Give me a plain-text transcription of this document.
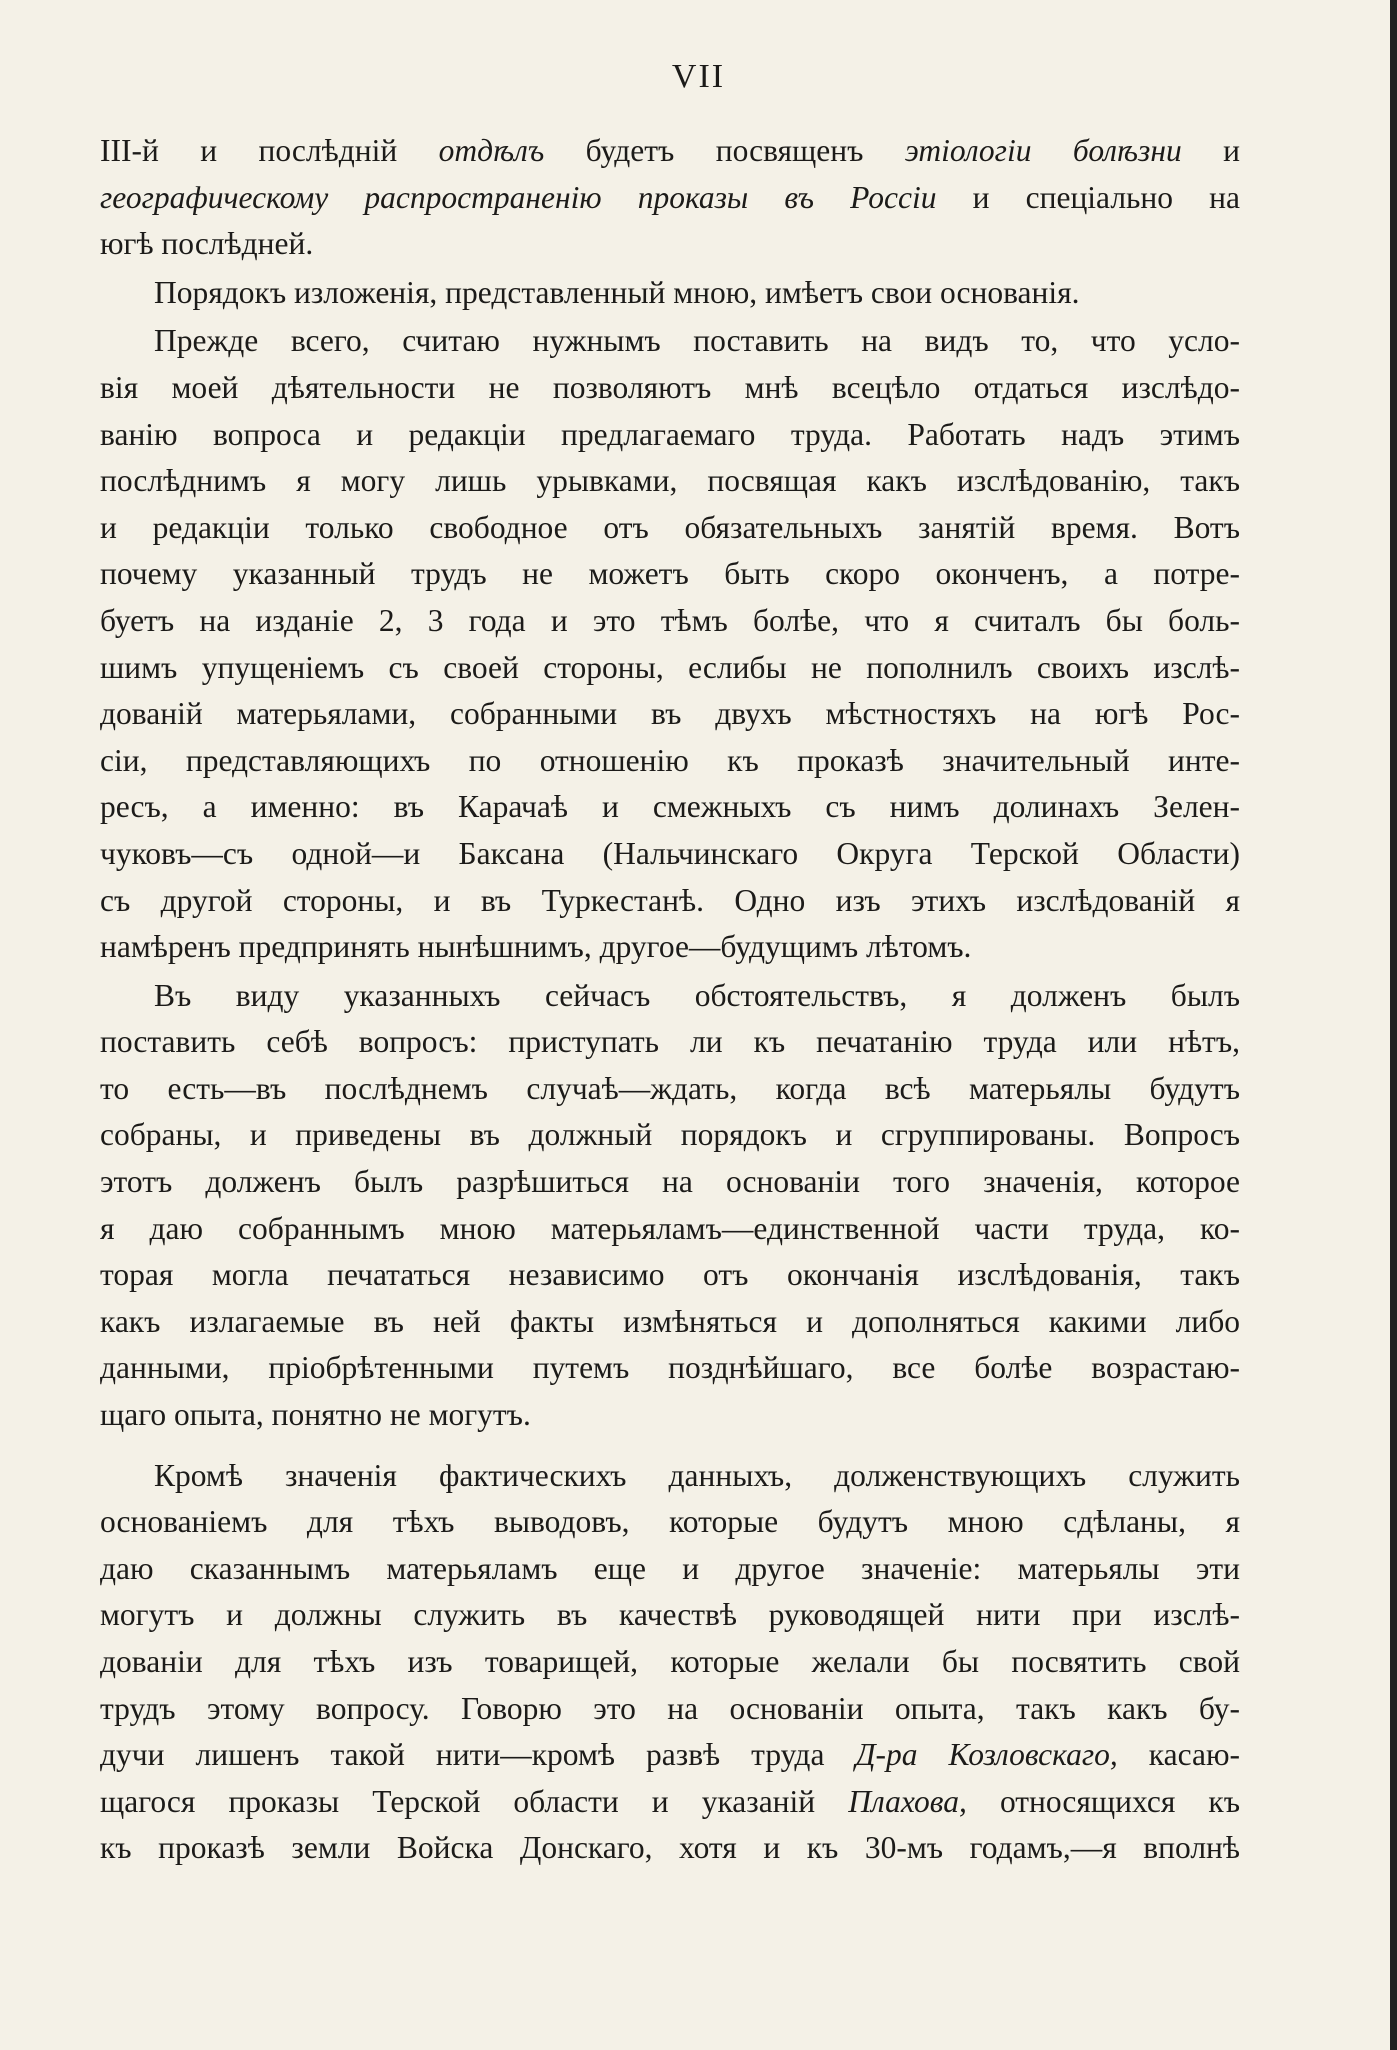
VII
III-й и послѣдній отдѣлъ будетъ посвященъ этіологіи болѣзни и
географическому распространенію проказы въ Россіи и спеціально на
югѣ послѣдней.
Порядокъ изложенія, представленный мною, имѣетъ свои основанія.
Прежде всего, считаю нужнымъ поставить на видъ то, что усло-
вія моей дѣятельности не позволяютъ мнѣ всецѣло отдаться изслѣдо-
ванію вопроса и редакціи предлагаемаго труда. Работать надъ этимъ
послѣднимъ я могу лишь урывками, посвящая какъ изслѣдованію, такъ
и редакціи только свободное отъ обязательныхъ занятій время. Вотъ
почему указанный трудъ не можетъ быть скоро оконченъ, а потре-
буетъ на изданіе 2, 3 года и это тѣмъ болѣе, что я считалъ бы боль-
шимъ упущеніемъ съ своей стороны, еслибы не пополнилъ своихъ изслѣ-
дованій матерьялами, собранными въ двухъ мѣстностяхъ на югѣ Рос-
сіи, представляющихъ по отношенію къ проказѣ значительный инте-
ресъ, а именно: въ Карачаѣ и смежныхъ съ нимъ долинахъ Зелен-
чуковъ—съ одной—и Баксана (Нальчинскаго Округа Терской Области)
съ другой стороны, и въ Туркестанѣ. Одно изъ этихъ изслѣдованій я
намѣренъ предпринять нынѣшнимъ, другое—будущимъ лѣтомъ.
Въ виду указанныхъ сейчасъ обстоятельствъ, я долженъ былъ
поставить себѣ вопросъ: приступать ли къ печатанію труда или нѣтъ,
то есть—въ послѣднемъ случаѣ—ждать, когда всѣ матерьялы будутъ
собраны, и приведены въ должный порядокъ и сгруппированы. Вопросъ
этотъ долженъ былъ разрѣшиться на основаніи того значенія, которое
я даю собраннымъ мною матерьяламъ—единственной части труда, ко-
торая могла печататься независимо отъ окончанія изслѣдованія, такъ
какъ излагаемые въ ней факты измѣняться и дополняться какими либо
данными, пріобрѣтенными путемъ позднѣйшаго, все болѣе возрастаю-
щаго опыта, понятно не могутъ.
Кромѣ значенія фактическихъ данныхъ, долженствующихъ служить
основаніемъ для тѣхъ выводовъ, которые будутъ мною сдѣланы, я
даю сказаннымъ матерьяламъ еще и другое значеніе: матерьялы эти
могутъ и должны служить въ качествѣ руководящей нити при изслѣ-
дованіи для тѣхъ изъ товарищей, которые желали бы посвятить свой
трудъ этому вопросу. Говорю это на основаніи опыта, такъ какъ бу-
дучи лишенъ такой нити—кромѣ развѣ труда Д-ра Козловскаго, касаю-
щагося проказы Терской области и указаній Плахова, относящихся къ
къ проказѣ земли Войска Донскаго, хотя и къ 30-мъ годамъ,—я вполнѣ
